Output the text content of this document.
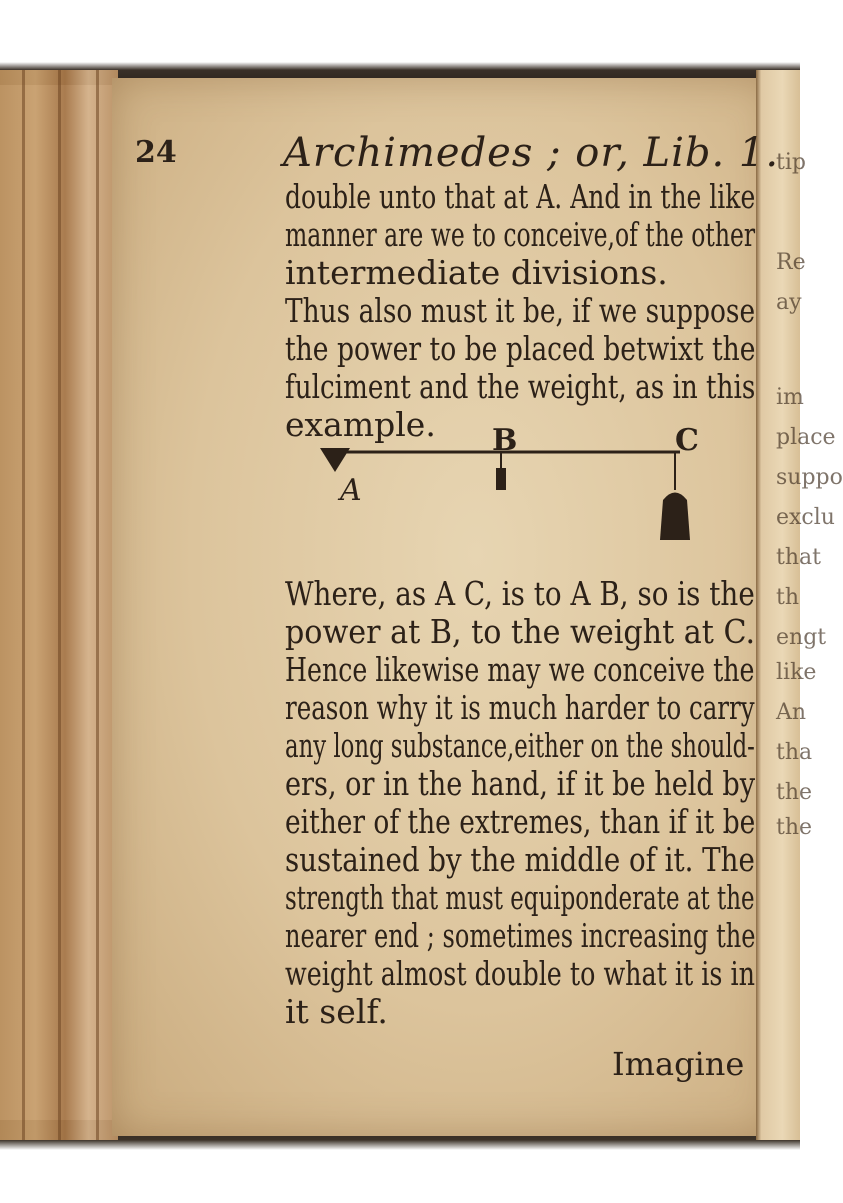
tip
Re
ay
im
place
suppo
exclu
that
th
engt
like
An
tha
the
the
24	Archimedes ; or, Lib. 1.
double unto that at A. And in the like
manner are we to conceive,of the other
intermediate divisions.
Thus also must it be, if we suppose
the power to be placed betwixt the
fulciment and the weight, as in this
example.
A
B	C
Where, as A C, is to A B, so is the
power at B, to the weight at C.
Hence likewise may we conceive the
reason why it is much harder to carry
any long substance,either on the should-
ers, or in the hand, if it be held by
either of the extremes, than if it be
sustained by the middle of it. The
strength that must equiponderate at the
nearer end ; sometimes increasing the
weight almost double to what it is in
it self.
Imagine
